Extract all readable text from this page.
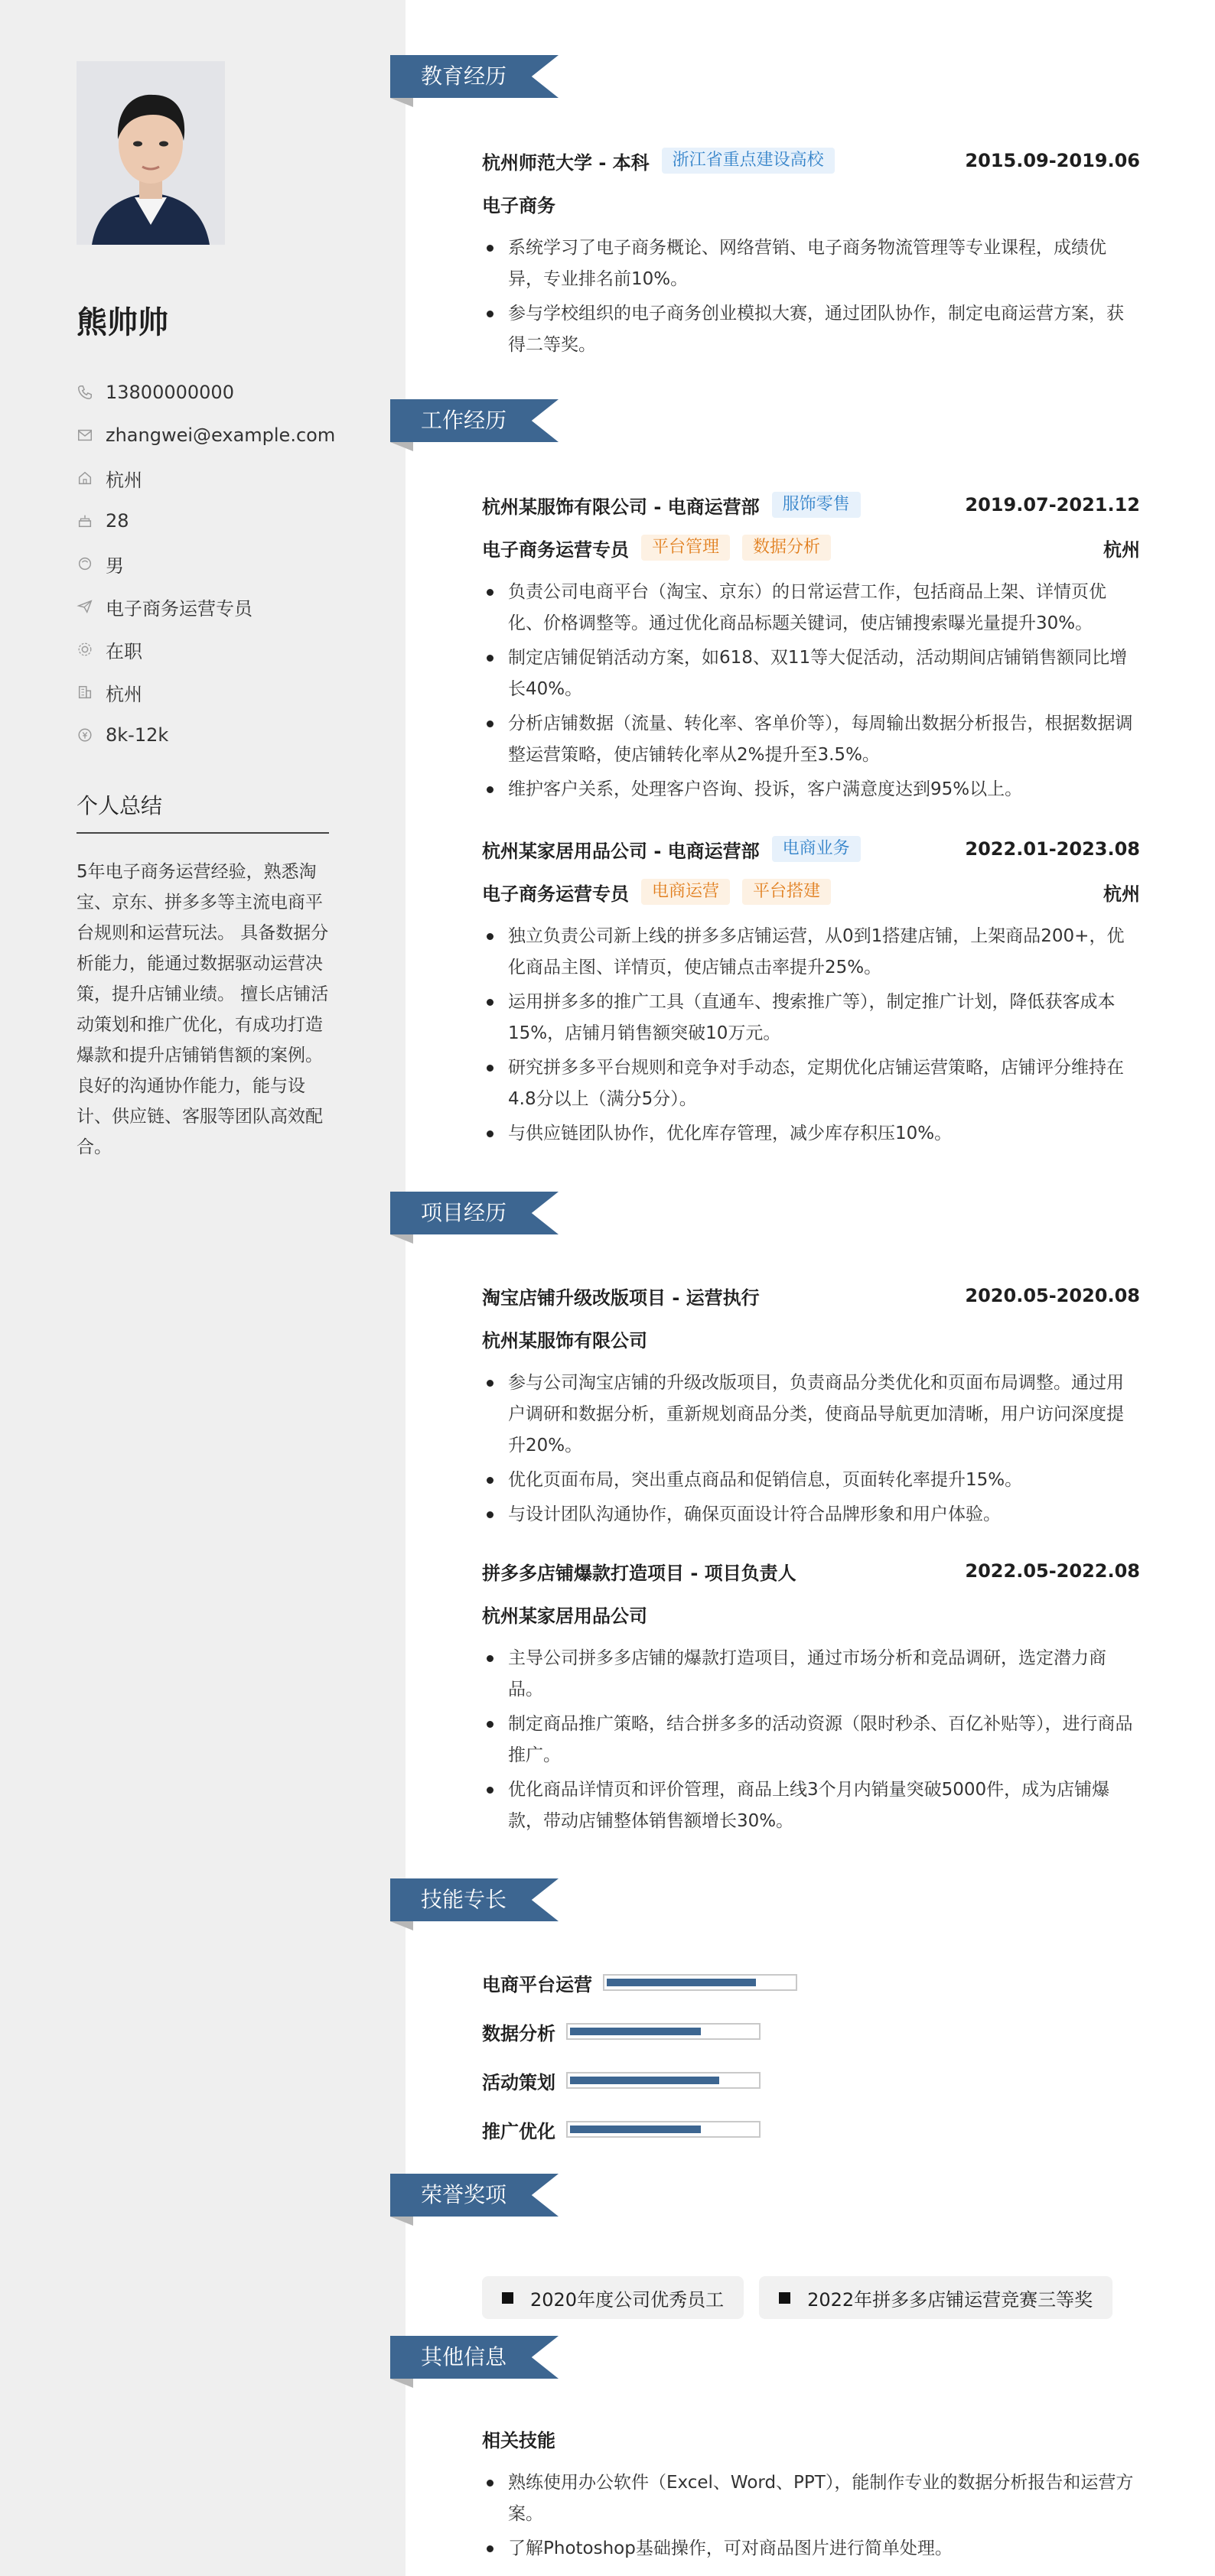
熊帅帅
13800000000
zhangwei@example.com
杭州
28
男
电子商务运营专员
在职
杭州
8k-12k
个人总结
5年电子商务运营经验，熟悉淘宝、京东、拼多多等主流电商平台规则和运营玩法。 具备数据分析能力，能通过数据驱动运营决策，提升店铺业绩。 擅长店铺活动策划和推广优化，有成功打造爆款和提升店铺销售额的案例。 良好的沟通协作能力，能与设计、供应链、客服等团队高效配合。
教育经历
杭州师范大学 - 本科	浙江省重点建设高校	2015.09-2019.06
电子商务
系统学习了电子商务概论、网络营销、电子商务物流管理等专业课程，成绩优异，专业排名前10%。
参与学校组织的电子商务创业模拟大赛，通过团队协作，制定电商运营方案，获得二等奖。
工作经历
杭州某服饰有限公司 - 电商运营部	服饰零售	2019.07-2021.12
电子商务运营专员	平台管理	数据分析	杭州
负责公司电商平台（淘宝、京东）的日常运营工作，包括商品上架、详情页优化、价格调整等。通过优化商品标题关键词，使店铺搜索曝光量提升30%。
制定店铺促销活动方案，如618、双11等大促活动，活动期间店铺销售额同比增长40%。
分析店铺数据（流量、转化率、客单价等），每周输出数据分析报告，根据数据调整运营策略，使店铺转化率从2%提升至3.5%。
维护客户关系，处理客户咨询、投诉，客户满意度达到95%以上。
杭州某家居用品公司 - 电商运营部	电商业务	2022.01-2023.08
电子商务运营专员	电商运营	平台搭建	杭州
独立负责公司新上线的拼多多店铺运营，从0到1搭建店铺，上架商品200+，优化商品主图、详情页，使店铺点击率提升25%。
运用拼多多的推广工具（直通车、搜索推广等），制定推广计划，降低获客成本15%，店铺月销售额突破10万元。
研究拼多多平台规则和竞争对手动态，定期优化店铺运营策略，店铺评分维持在4.8分以上（满分5分）。
与供应链团队协作，优化库存管理，减少库存积压10%。
项目经历
淘宝店铺升级改版项目 - 运营执行	2020.05-2020.08
杭州某服饰有限公司
参与公司淘宝店铺的升级改版项目，负责商品分类优化和页面布局调整。通过用户调研和数据分析，重新规划商品分类，使商品导航更加清晰，用户访问深度提升20%。
优化页面布局，突出重点商品和促销信息，页面转化率提升15%。
与设计团队沟通协作，确保页面设计符合品牌形象和用户体验。
拼多多店铺爆款打造项目 - 项目负责人	2022.05-2022.08
杭州某家居用品公司
主导公司拼多多店铺的爆款打造项目，通过市场分析和竞品调研，选定潜力商品。
制定商品推广策略，结合拼多多的活动资源（限时秒杀、百亿补贴等），进行商品推广。
优化商品详情页和评价管理，商品上线3个月内销量突破5000件，成为店铺爆款，带动店铺整体销售额增长30%。
技能专长
电商平台运营
数据分析
活动策划
推广优化
荣誉奖项
2020年度公司优秀员工	2022年拼多多店铺运营竞赛三等奖
其他信息
相关技能
熟练使用办公软件（Excel、Word、PPT），能制作专业的数据分析报告和运营方案。
了解Photoshop基础操作，可对商品图片进行简单处理。
